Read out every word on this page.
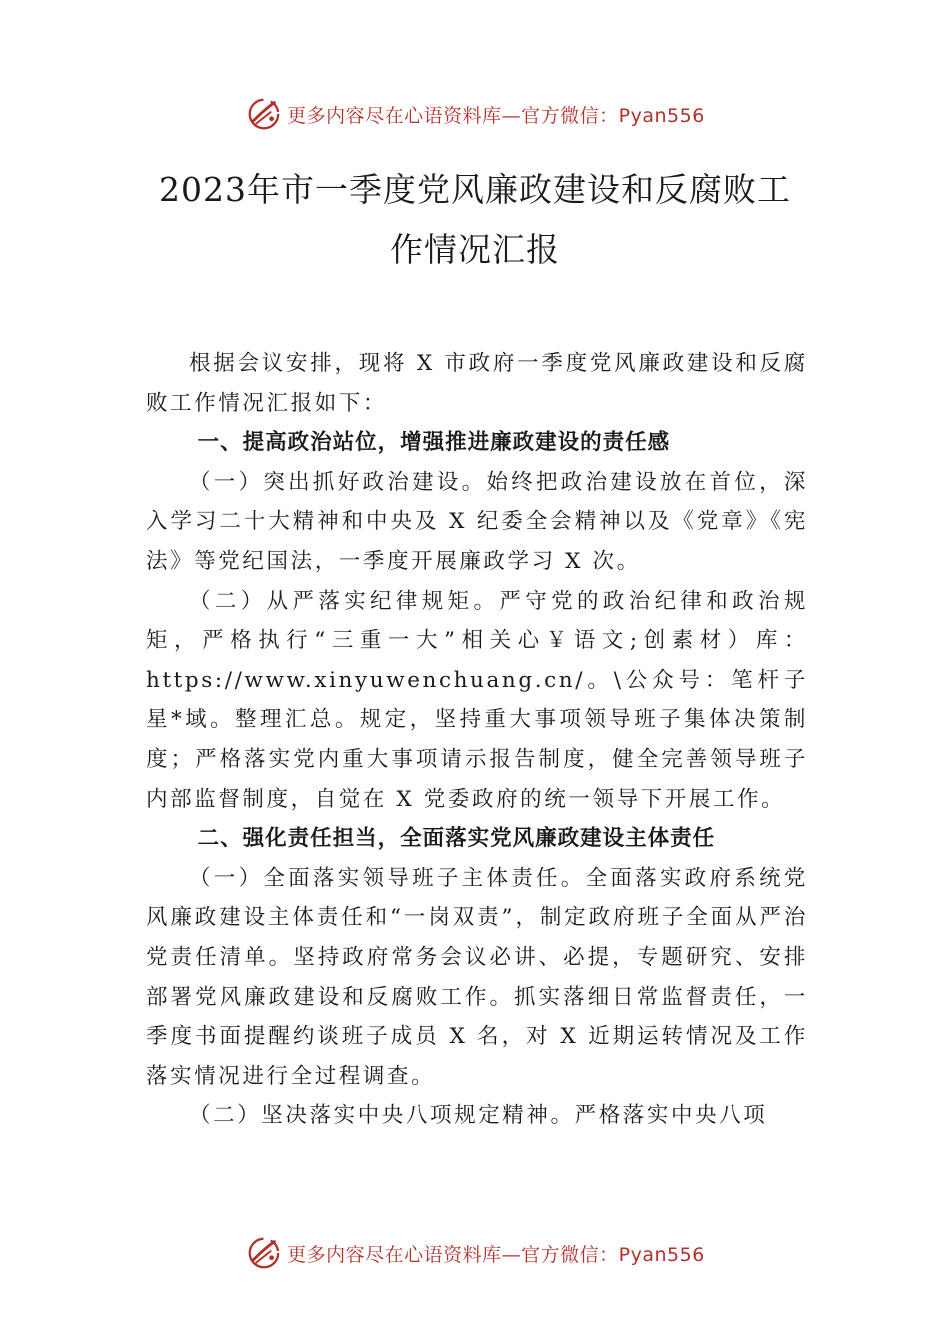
更多内容尽在心语资料库—官方微信：Pyan556
2023年市一季度党风廉政建设和反腐败工
作情况汇报

根据会议安排，现将 X 市政府一季度党风廉政建设和反腐败工作情况汇报如下：

一、提高政治站位，增强推进廉政建设的责任感

（一）突出抓好政治建设。始终把政治建设放在首位，深入学习二十大精神和中央及 X 纪委全会精神以及《党章》《宪法》等党纪国法，一季度开展廉政学习 X 次。

（二）从严落实纪律规矩。严守党的政治纪律和政治规矩，严格执行“三重一大”相关心￥语文;创素材）库：https://www.xinyuwenchuang.cn/。\公众号：笔杆子星*域。整理汇总。规定，坚持重大事项领导班子集体决策制度；严格落实党内重大事项请示报告制度，健全完善领导班子内部监督制度，自觉在 X 党委政府的统一领导下开展工作。

二、强化责任担当，全面落实党风廉政建设主体责任

（一）全面落实领导班子主体责任。全面落实政府系统党风廉政建设主体责任和“一岗双责”，制定政府班子全面从严治党责任清单。坚持政府常务会议必讲、必提，专题研究、安排部署党风廉政建设和反腐败工作。抓实落细日常监督责任，一季度书面提醒约谈班子成员 X 名，对 X 近期运转情况及工作落实情况进行全过程调查。

（二）坚决落实中央八项规定精神。严格落实中央八项

更多内容尽在心语资料库—官方微信：Pyan556
